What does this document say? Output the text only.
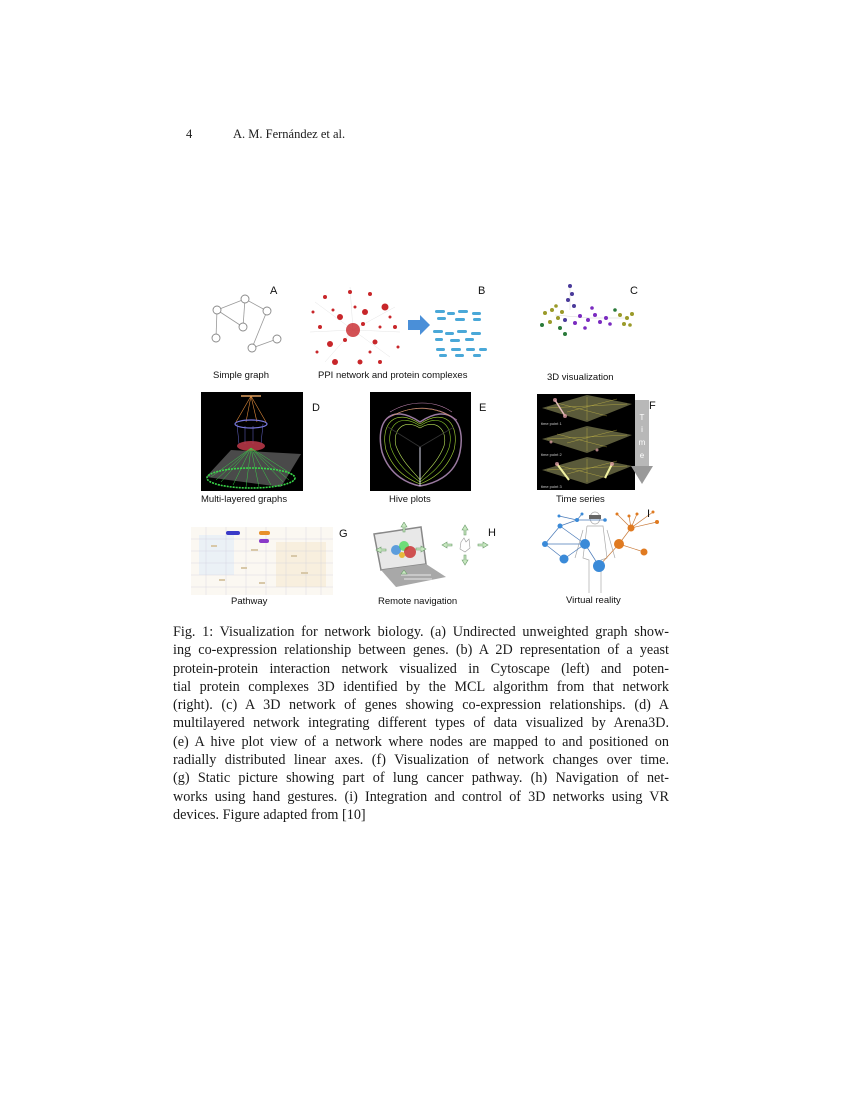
4	A. M. Fernández et al.
A
Simple graph
B
PPI network and protein complexes
C
3D visualization
D
Multi-layered graphs
E
Hive plots
time point 1
time point 2
time point 3
T
i
m
e
F
Time series
G
Pathway
H
Remote navigation
I
Virtual reality
Fig. 1: Visualization for network biology. (a) Undirected unweighted graph show-
ing co-expression relationship between genes. (b) A 2D representation of a yeast
protein-protein interaction network visualized in Cytoscape (left) and poten-
tial protein complexes 3D identified by the MCL algorithm from that network
(right). (c) A 3D network of genes showing co-expression relationships. (d) A
multilayered network integrating different types of data visualized by Arena3D.
(e) A hive plot view of a network where nodes are mapped to and positioned on
radially distributed linear axes. (f) Visualization of network changes over time.
(g) Static picture showing part of lung cancer pathway. (h) Navigation of net-
works using hand gestures. (i) Integration and control of 3D networks using VR
devices. Figure adapted from [10]
